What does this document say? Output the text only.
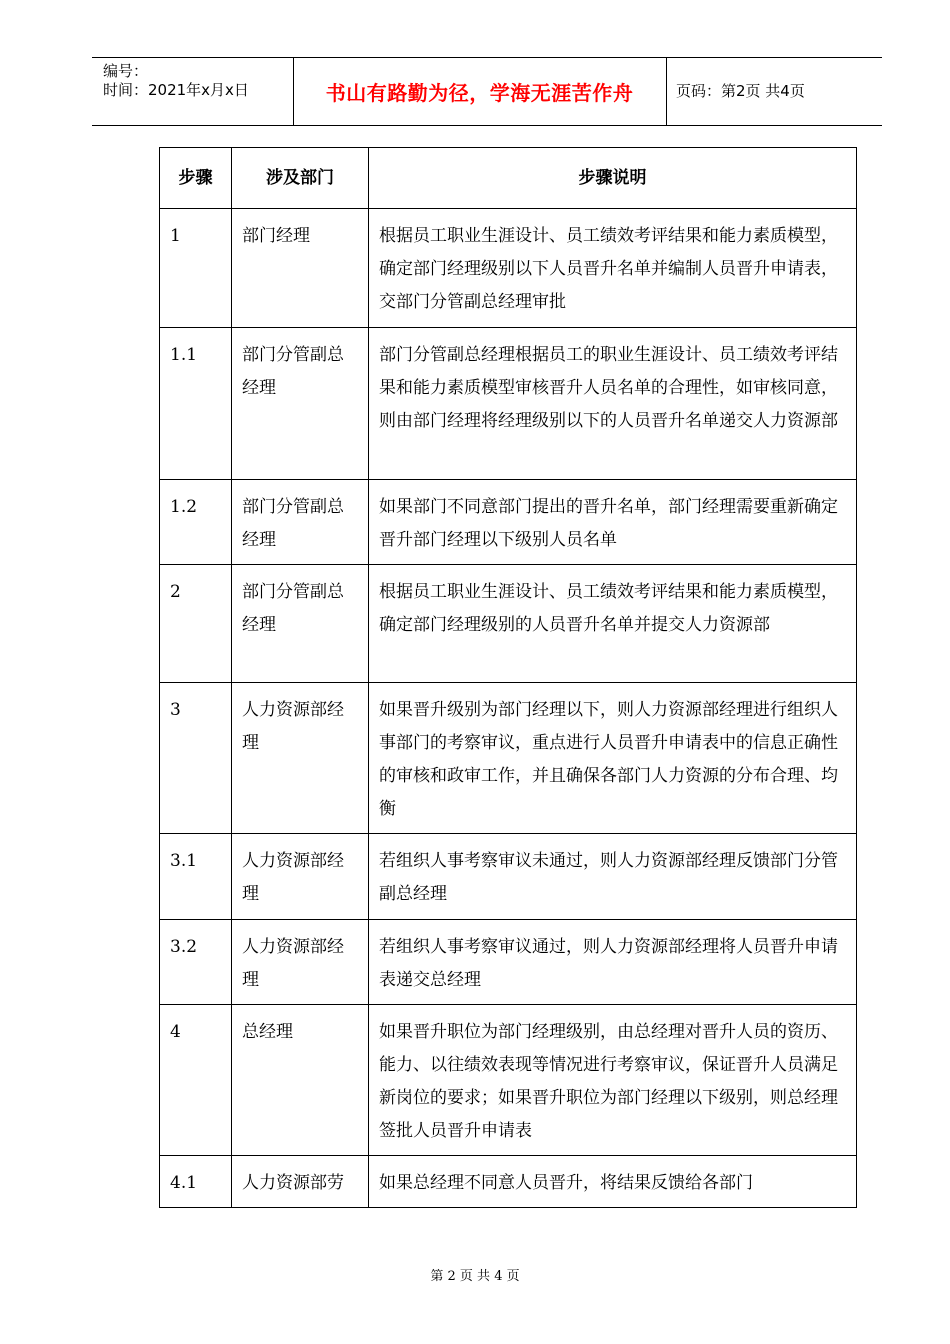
编号：
时间：2021年x月x日	书山有路勤为径，学海无涯苦作舟	页码：第2页 共4页
步骤	涉及部门	步骤说明
1	部门经理	根据员工职业生涯设计、员工绩效考评结果和能力素质模型，确定部门经理级别以下人员晋升名单并编制人员晋升申请表，交部门分管副总经理审批
1.1	部门分管副总经理	部门分管副总经理根据员工的职业生涯设计、员工绩效考评结果和能力素质模型审核晋升人员名单的合理性，如审核同意，则由部门经理将经理级别以下的人员晋升名单递交人力资源部
1.2	部门分管副总经理	如果部门不同意部门提出的晋升名单，部门经理需要重新确定晋升部门经理以下级别人员名单
2	部门分管副总经理	根据员工职业生涯设计、员工绩效考评结果和能力素质模型，确定部门经理级别的人员晋升名单并提交人力资源部
3	人力资源部经理	如果晋升级别为部门经理以下，则人力资源部经理进行组织人事部门的考察审议，重点进行人员晋升申请表中的信息正确性的审核和政审工作，并且确保各部门人力资源的分布合理、均衡
3.1	人力资源部经理	若组织人事考察审议未通过，则人力资源部经理反馈部门分管副总经理
3.2	人力资源部经理	若组织人事考察审议通过，则人力资源部经理将人员晋升申请表递交总经理
4	总经理	如果晋升职位为部门经理级别，由总经理对晋升人员的资历、能力、以往绩效表现等情况进行考察审议，保证晋升人员满足新岗位的要求；如果晋升职位为部门经理以下级别，则总经理签批人员晋升申请表
4.1	人力资源部劳	如果总经理不同意人员晋升，将结果反馈给各部门
第 2 页 共 4 页
